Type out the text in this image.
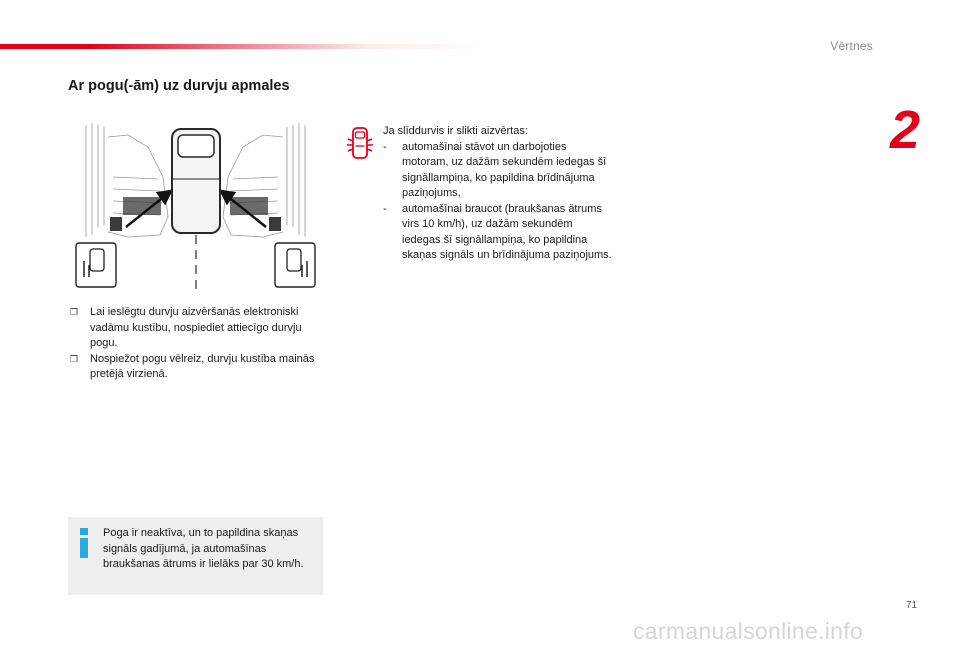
Vērtnes
2
Ar pogu(-ām) uz durvju apmales
❐ Lai ieslēgtu durvju aizvēršanās elektroniski vadāmu kustību, nospiediet attiecīgo durvju pogu.
❐ Nospiežot pogu vēlreiz, durvju kustība mainās pretējā virzienā.

Poga ir neaktīva, un to papildina skaņas signāls gadījumā, ja automašīnas braukšanas ātrums ir lielāks par 30 km/h.

Ja slīddurvis ir slikti aizvērtas:

- automašīnai stāvot un darbojoties motoram, uz dažām sekundēm iedegas šī signāllampiņa, ko papildina brīdinājuma paziņojums,
- automašīnai braucot (braukšanas ātrums virs 10 km/h), uz dažām sekundēm iedegas šī signāllampiņa, ko papildina skaņas signāls un brīdinājuma paziņojums.
71
carmanualsonline.info
